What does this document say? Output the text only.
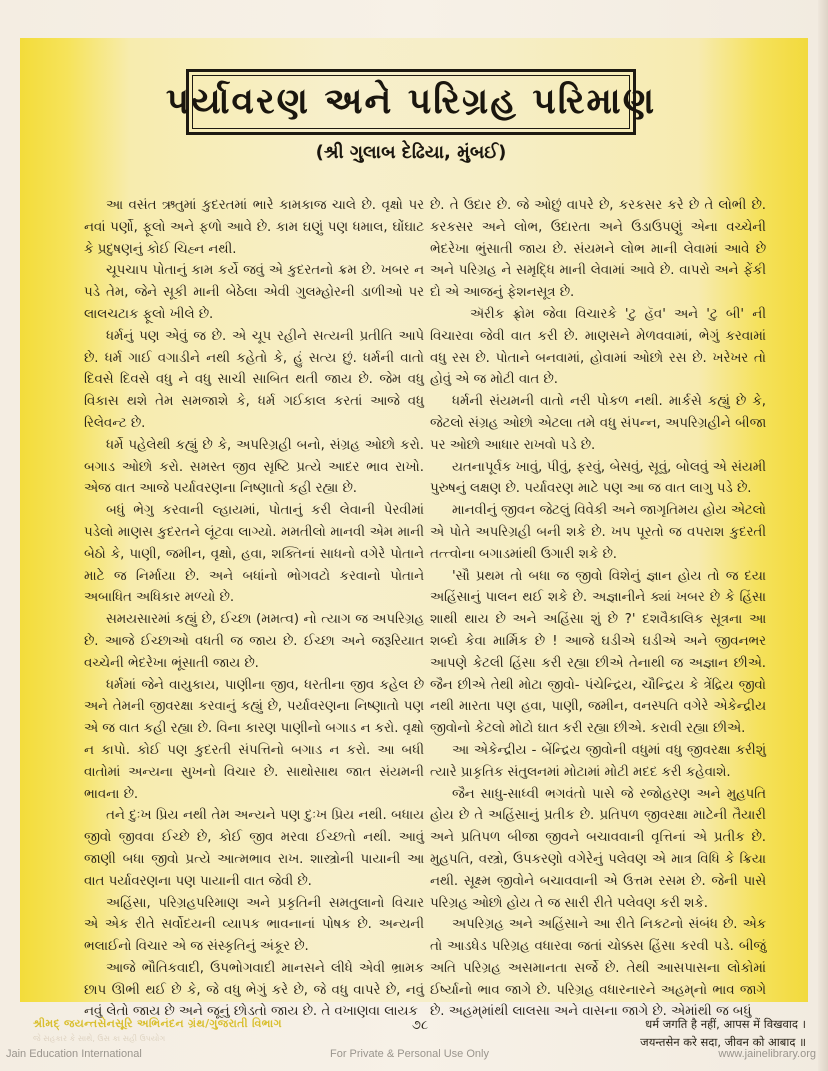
પર્યાવરણ અને પરિગ્રહ પરિમાણ
(શ્રી ગુલાબ દેઢિયા, મુંબઈ)

આ વસંત ઋતુમાં કુદરતમાં ભારે કામકાજ ચાલે છે. વૃક્ષો પર નવાં પર્ણો, ફૂલો અને ફળો આવે છે. કામ ઘણું પણ ધમાલ, ઘોંઘાટ કે પ્રદુષણનું કોઈ ચિહ્ન નથી.

ચૂપચાપ પોતાનું કામ કર્યે જવું એ કુદરતનો ક્રમ છે. ખબર ન પડે તેમ, જેને સૂકી માની બેઠેલા એવી ગુલમ્હોરની ડાળીઓ પર લાલચટાક ફૂલો ખીલે છે.

ધર્મનું પણ એવું જ છે. એ ચૂપ રહીને સત્યની પ્રતીતિ આપે છે. ધર્મ ગાઈ વગાડીને નથી કહેતો કે, હું સત્ય છું. ધર્મની વાતો દિવસે દિવસે વધુ ને વધુ સાચી સાબિત થતી જાય છે. જેમ વધુ વિકાસ થશે તેમ સમજાશે કે, ધર્મ ગઈકાલ કરતાં આજે વધુ રિલેવન્ટ છે.

ધર્મે પહેલેથી કહ્યું છે કે, અપરિગ્રહી બનો, સંગ્રહ ઓછો કરો. બગાડ ઓછો કરો. સમસ્ત જીવ સૃષ્ટિ પ્રત્યે આદર ભાવ રાખો. એજ વાત આજે પર્યાવરણના નિષ્ણાતો કહી રહ્યા છે.

બધું ભેગુ કરવાની લ્હાયમાં, પોતાનું કરી લેવાની પેરવીમાં પડેલો માણસ કુદરતને લૂંટવા લાગ્યો. મમતીલો માનવી એમ માની બેઠો કે, પાણી, જમીન, વૃક્ષો, હવા, શક્તિનાં સાધનો વગેરે પોતાને માટે જ નિર્માયા છે. અને બધાંનો ભોગવટો કરવાનો પોતાને અબાધિત અધિકાર મળ્યો છે.

સમયસારમાં કહ્યું છે, ઈચ્છા (મમત્વ) નો ત્યાગ જ અપરિગ્રહ છે. આજે ઈચ્છાઓ વધતી જ જાય છે. ઈચ્છા અને જરૂરિયાત વચ્ચેની ભેદરેખા ભૂંસાતી જાય છે.

ધર્મમાં જેને વાયુકાય, પાણીના જીવ, ધરતીના જીવ કહેલ છે અને તેમની જીવરક્ષા કરવાનું કહ્યું છે, પર્યાવરણના નિષ્ણાતો પણ એ જ વાત કહી રહ્યા છે. વિના કારણ પાણીનો બગાડ ન કરો. વૃક્ષો ન કાપો. કોઈ પણ કુદરતી સંપત્તિનો બગાડ ન કરો. આ બધી વાતોમાં અન્યના સુખનો વિચાર છે. સાથોસાથ જાત સંયમની ભાવના છે.

તને દુઃખ પ્રિય નથી તેમ અન્યને પણ દુઃખ પ્રિય નથી. બધાય જીવો જીવવા ઈચ્છે છે, કોઈ જીવ મરવા ઈચ્છતો નથી. આવું જાણી બધા જીવો પ્રત્યે આત્મભાવ રાખ. શાસ્ત્રોની પાયાની આ વાત પર્યાવરણના પણ પાયાની વાત જેવી છે.

અહિંસા, પરિગ્રહપરિમાણ અને પ્રકૃતિની સમતુલાનો વિચાર એ એક રીતે સર્વોદયની વ્યાપક ભાવનાનાં પોષક છે. અન્યની ભલાઈનો વિચાર એ જ સંસ્કૃતિનું અંકૂર છે.

આજે ભૌતિકવાદી, ઉપભોગવાદી માનસને લીધે એવી ભ્રામક છાપ ઊભી થઈ છે કે, જે વધુ ભેગું કરે છે, જે વધુ વાપરે છે, નવું નવું લેતો જાય છે અને જૂનું છોડતો જાય છે. તે વખાણવા લાયક

છે. તે ઉદાર છે. જે ઓછું વાપરે છે, કરકસર કરે છે તે લોભી છે. કરકસર અને લોભ, ઉદારતા અને ઉડાઉપણું એના વચ્ચેની ભેદરેખા ભુંસાતી જાય છે. સંયમને લોભ માની લેવામાં આવે છે અને પરિગ્રહ ને સમૃદ્ધિ માની લેવામાં આવે છે. વાપરો અને ફેંકી દો એ આજનું ફેશનસૂત્ર છે.

ઍરીક ફ્રોમ જેવા વિચારકે 'ટુ હૅવ' અને 'ટુ બી' ની વિચારવા જેવી વાત કરી છે. માણસને મેળવવામાં, ભેગું કરવામાં વધુ રસ છે. પોતાને બનવામાં, હોવામાં ઓછો રસ છે. ખરેખર તો હોવું એ જ મોટી વાત છે.

ધર્મની સંયમની વાતો નરી પોકળ નથી. માર્કસે કહ્યું છે કે, જેટલો સંગ્રહ ઓછો એટલા તમે વધુ સંપન્ન, અપરિગ્રહીને બીજા પર ઓછો આધાર રાખવો પડે છે.

યતનાપૂર્વક ખાવું, પીવું, ફરવું, બેસવું, સૂવું, બોલવું એ સંયમી પુરુષનું લક્ષણ છે. પર્યાવરણ માટે પણ આ જ વાત લાગુ પડે છે.

માનવીનું જીવન જેટલું વિવેકી અને જાગૃતિમય હોય એટલો એ પોતે અપરિગ્રહી બની શકે છે. ખપ પૂરતો જ વપરાશ કુદરતી તત્ત્વોના બગાડમાંથી ઉગારી શકે છે.

'સૌ પ્રથમ તો બધા જ જીવો વિશેનું જ્ઞાન હોય તો જ દયા અહિંસાનું પાલન થઈ શકે છે. અજ્ઞાનીને ક્યાં ખબર છે કે હિંસા શાથી થાય છે અને અહિંસા શું છે ?' દશવૈકાલિક સૂત્રના આ શબ્દો કેવા માર્મિક છે ! આજે ઘડીએ ઘડીએ અને જીવનભર આપણે કેટલી હિંસા કરી રહ્યા છીએ તેનાથી જ અજ્ઞાન છીએ. જૈન છીએ તેથી મોટા જીવો- પંચેન્દ્રિય, ચૌન્દ્રિય કે ત્રેંદ્રિય જીવો નથી મારતા પણ હવા, પાણી, જમીન, વનસ્પતિ વગેરે એકેન્દ્રીય જીવોનો કેટલો મોટો ઘાત કરી રહ્યા છીએ. કરાવી રહ્યા છીએ.

આ એકેન્દ્રીય - બેંન્દ્રિય જીવોની વધુમાં વધુ જીવરક્ષા કરીશું ત્યારે પ્રાકૃતિક સંતુલનમાં મોટામાં મોટી મદદ કરી કહેવાશે.

જૈન સાધુ-સાધ્વી ભગવંતો પાસે જે રજોહરણ અને મુહપતિ હોય છે તે અહિંસાનું પ્રતીક છે. પ્રતિપળ જીવરક્ષા માટેની તૈયારી અને પ્રતિપળ બીજા જીવને બચાવવાની વૃત્તિનાં એ પ્રતીક છે. મુહપતિ, વસ્ત્રો, ઉપકરણો વગેરેનું પલેવણ એ માત્ર વિધિ કે ક્રિયા નથી. સૂક્ષ્મ જીવોને બચાવવાની એ ઉત્તમ રસમ છે. જેની પાસે પરિગ્રહ ઓછો હોય તે જ સારી રીતે પલેવણ કરી શકે.

અપરિગ્રહ અને અહિંસાને આ રીતે નિકટનો સંબંધ છે. એક તો આડધેડ પરિગ્રહ વધારવા જતાં ચોક્કસ હિંસા કરવી પડે. બીજું અતિ પરિગ્રહ અસમાનતા સર્જે છે. તેથી આસપાસના લોકોમાં ઈર્ષ્યાનો ભાવ જાગે છે. પરિગ્રહ વધારનારને અહમ્‌નો ભાવ જાગે છે. અહમ્‌માંથી લાલસા અને વાસના જાગે છે. એમાંથી જ બધું

શ્રીમદ્ જયન્તસેનસૂરિ અભિનંદન ગ્રંથ/ગુજરાતી વિભાગ
જે સહકાર કે સાથે, ઉસ કા સહી ઉપયોગ
૭૮	धर्म जगति है नहीं, आपस में विखवाद ।
जयन्तसेन करे सदा, जीवन को आबाद ॥
Jain Education International	For Private & Personal Use Only	www.jainelibrary.org
